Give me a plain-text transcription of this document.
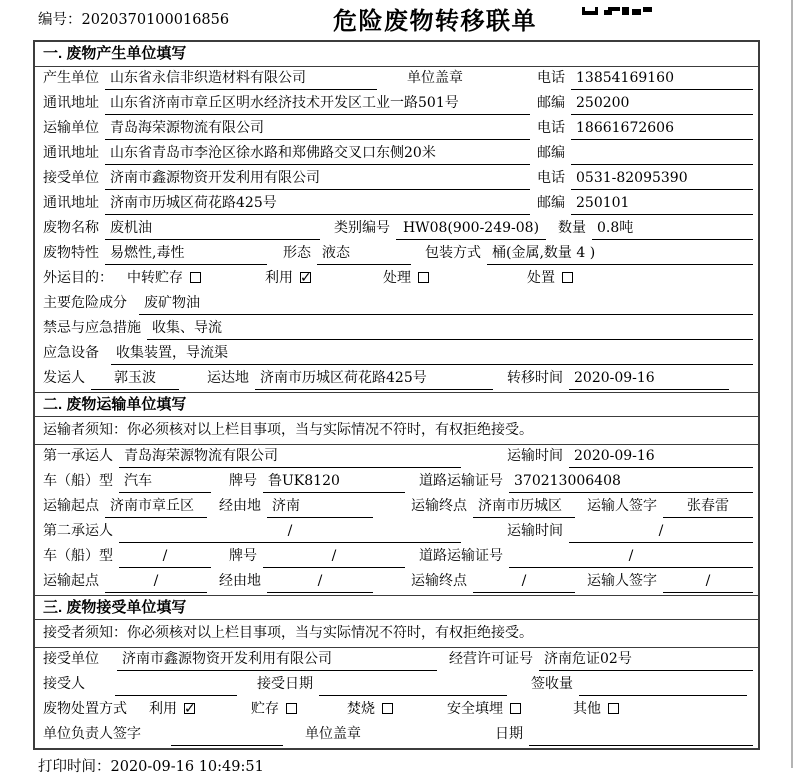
编号：2020370100016856	危险废物转移联单
一. 废物产生单位填写
产生单位 山东省永信非织造材料有限公司	单位盖章	电话 13854169160
通讯地址 山东省济南市章丘区明水经济技术开发区工业一路501号	邮编 250200
运输单位 青岛海荣源物流有限公司	电话 18661672606
通讯地址 山东省青岛市李沧区徐水路和郑佛路交叉口东侧20米	邮编
接受单位 济南市鑫源物资开发利用有限公司	电话 0531-82095390
通讯地址 济南市历城区荷花路425号	邮编 250101
废物名称 废机油	类别编号 HW08(900-249-08)	数量 0.8吨
废物特性 易燃性,毒性	形态 液态	包装方式 桶(金属,数量 4 )
外运目的： 中转贮存	利用 ✓	处理	处置
主要危险成分	废矿物油
禁忌与应急措施 收集、导流
应急设备	收集装置，导流渠
发运人	郭玉波	运达地 济南市历城区荷花路425号	转移时间 2020-09-16
二. 废物运输单位填写
运输者须知：你必须核对以上栏目事项，当与实际情况不符时，有权拒绝接受。
第一承运人 青岛海荣源物流有限公司	运输时间 2020-09-16
车（船）型 汽车	牌号 鲁UK8120	道路运输证号 370213006408
运输起点 济南市章丘区	经由地 济南	运输终点 济南市历城区	运输人签字	张春雷
第二承运人	/	运输时间	/
车（船）型	/	牌号	/	道路运输证号	/
运输起点	/	经由地	/	运输终点	/	运输人签字	/
三. 废物接受单位填写
接受者须知：你必须核对以上栏目事项，当与实际情况不符时，有权拒绝接受。
接受单位	济南市鑫源物资开发利用有限公司	经营许可证号 济南危证02号
接受人	接受日期	签收量
废物处置方式 利用 ✓	贮存	焚烧	安全填埋	其他
单位负责人签字	单位盖章	日期
打印时间：2020-09-16 10:49:51
